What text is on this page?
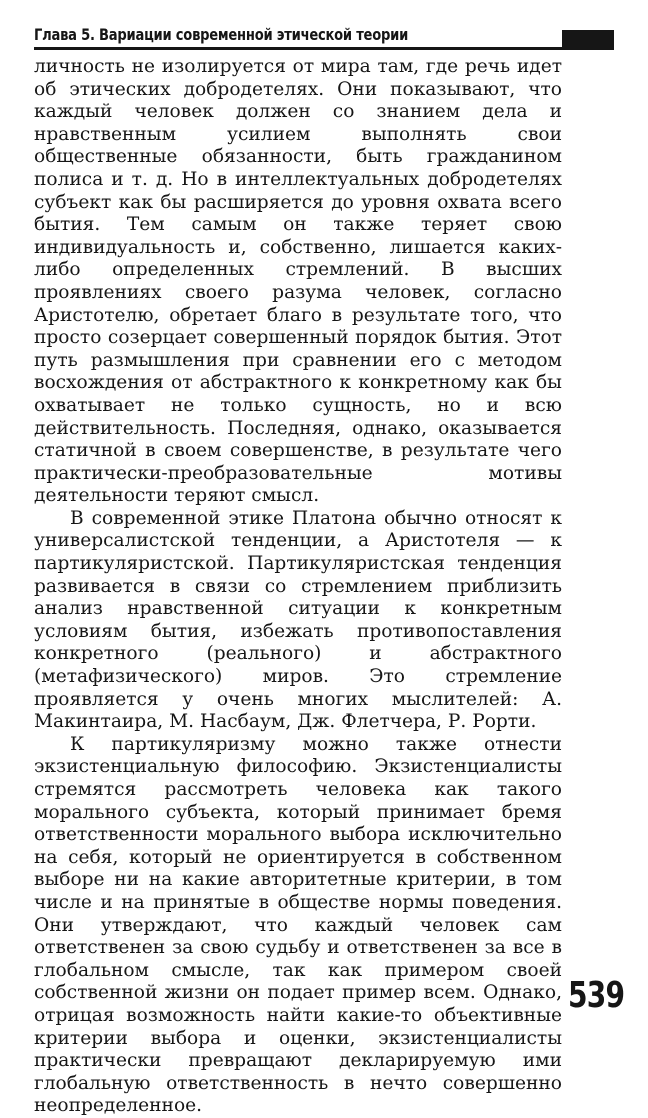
Глава 5. Вариации современной этической теории

личность не изолируется от мира там, где речь идет об этических добродетелях. Они показывают, что каждый человек должен со знанием дела и нравственным усилием выполнять свои общественные обязанности, быть гражданином полиса и т. д. Но в интеллектуальных добродетелях субъект как бы расширяется до уровня охвата всего бытия. Тем самым он также теряет свою индивидуальность и, собственно, лишается каких-либо определенных стремлений. В высших проявлениях своего разума человек, согласно Аристотелю, обретает благо в результате того, что просто созерцает совершенный порядок бытия. Этот путь размышления при сравнении его с методом восхождения от абстрактного к конкретному как бы охватывает не только сущность, но и всю действительность. Последняя, однако, оказывается статичной в своем совершенстве, в результате чего практически-преобразовательные мотивы деятельности теряют смысл.

В современной этике Платона обычно относят к универсалистской тенденции, а Аристотеля — к партикуляристской. Партикуляристская тенденция развивается в связи со стремлением приблизить анализ нравственной ситуации к конкретным условиям бытия, избежать противопоставления конкретного (реального) и абстрактного (метафизического) миров. Это стремление проявляется у очень многих мыслителей: А. Макинтаира, М. Насбаум, Дж. Флетчера, Р. Рорти.

К партикуляризму можно также отнести экзистенциальную философию. Экзистенциалисты стремятся рассмотреть человека как такого морального субъекта, который принимает бремя ответственности морального выбора исключительно на себя, который не ориентируется в собственном выборе ни на какие авторитетные критерии, в том числе и на принятые в обществе нормы поведения. Они утверждают, что каждый человек сам ответственен за свою судьбу и ответственен за все в глобальном смысле, так как примером своей собственной жизни он подает пример всем. Однако, отрицая возможность найти какие-то объективные критерии выбора и оценки, экзистенциалисты практически превращают декларируемую ими глобальную ответственность в нечто совершенно неопределенное.

539
